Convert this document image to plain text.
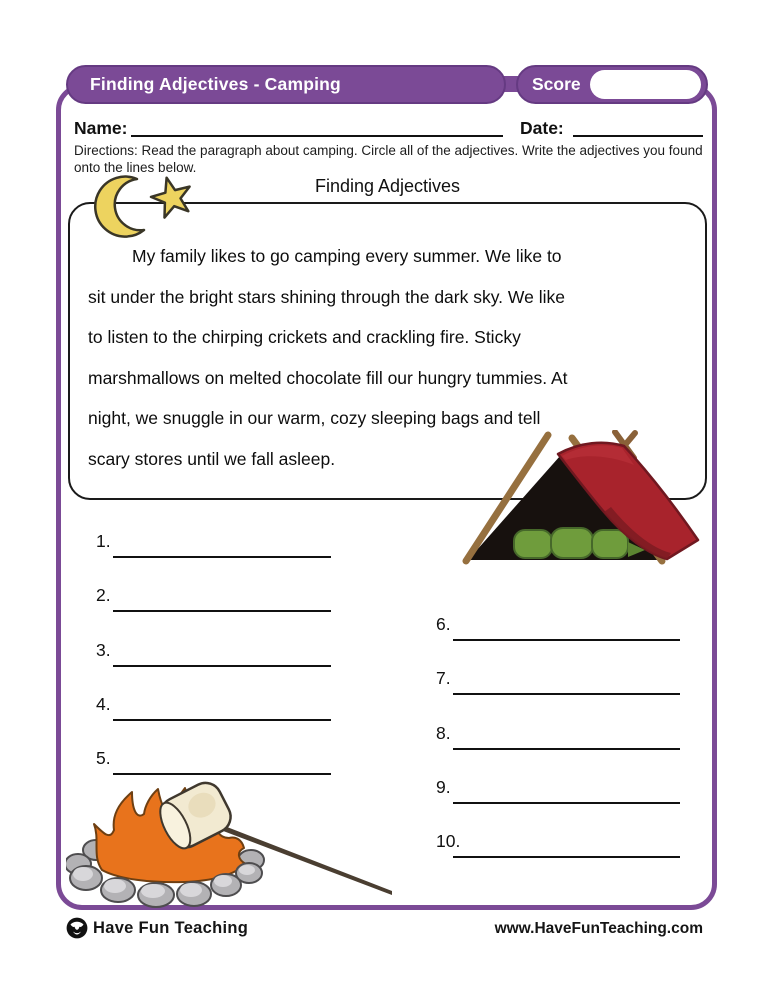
Finding Adjectives - Camping	Score
Name:	Date:
Directions: Read the paragraph about camping. Circle all of the adjectives. Write the adjectives you found onto the lines below.
Finding Adjectives
My family likes to go camping every summer. We like to
sit under the bright stars shining through the dark sky. We like
to listen to the chirping crickets and crackling fire. Sticky
marshmallows on melted chocolate fill our hungry tummies. At
night, we snuggle in our warm, cozy sleeping bags and tell
scary stores until we fall asleep.
1.
2.
3.
4.
5.
6.
7.
8.
9.
10.
Have Fun Teaching	www.HaveFunTeaching.com
